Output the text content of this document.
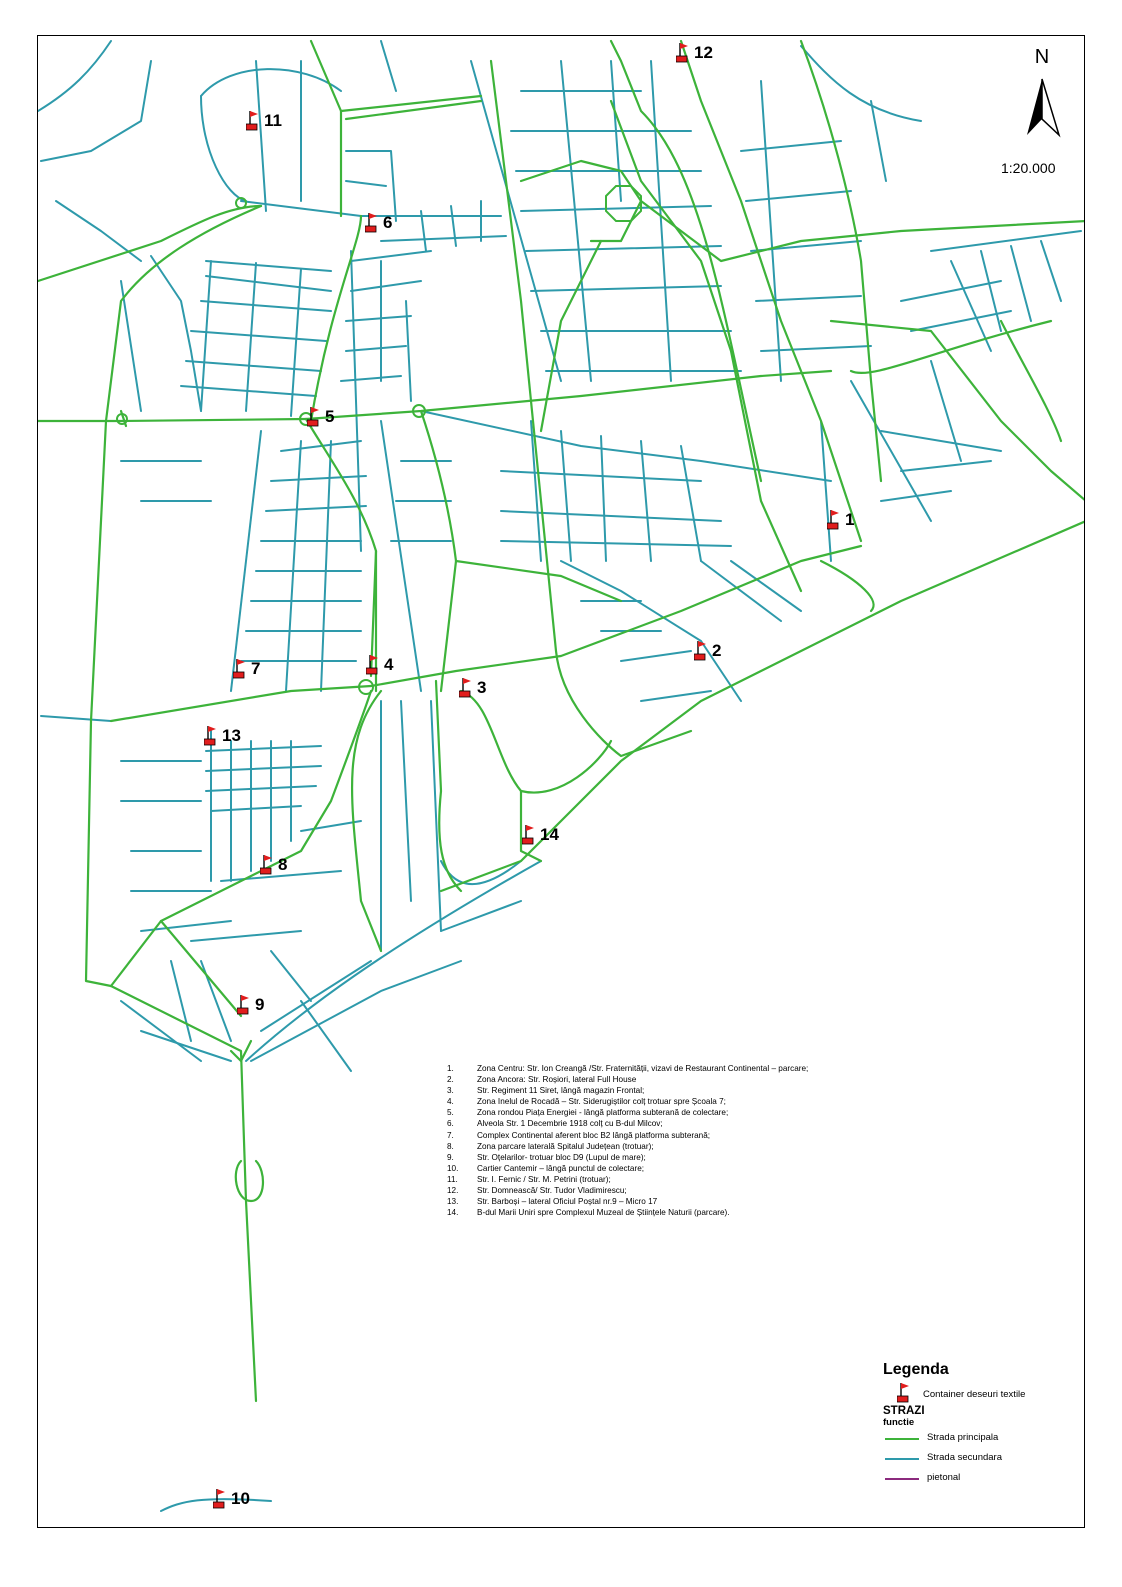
N
1:20.000
1
2
3
4
5
6
7
8
9
10
11
12
13
14
1.	Zona Centru: Str. Ion Creangă /Str. Fraternității, vizavi de Restaurant Continental – parcare;
2.	Zona Ancora: Str. Roșiori, lateral Full House
3.	Str. Regiment 11 Siret, lângă magazin Frontal;
4.	Zona Inelul de Rocadă – Str. Siderugiștilor colț trotuar spre Școala 7;
5.	Zona rondou Piața Energiei - lângă platforma subterană de colectare;
6.	Alveola Str. 1 Decembrie 1918 colț cu B-dul Milcov;
7.	Complex Continental aferent bloc B2 lângă platforma subterană;
8.	Zona parcare laterală Spitalul Județean (trotuar);
9.	Str. Oțelarilor- trotuar bloc D9 (Lupul de mare);
10. Cartier Cantemir – lângă punctul de colectare;
11. Str. I. Fernic / Str. M. Petrini (trotuar);
12. Str. Domnească/ Str. Tudor Vladimirescu;
13. Str. Barboși – lateral Oficiul Poștal nr.9 – Micro 17
14. B-dul Marii Uniri spre Complexul Muzeal de Științele Naturii (parcare).
Legenda
Container deseuri textile
STRAZI
functie
Strada principala
Strada secundara
pietonal
